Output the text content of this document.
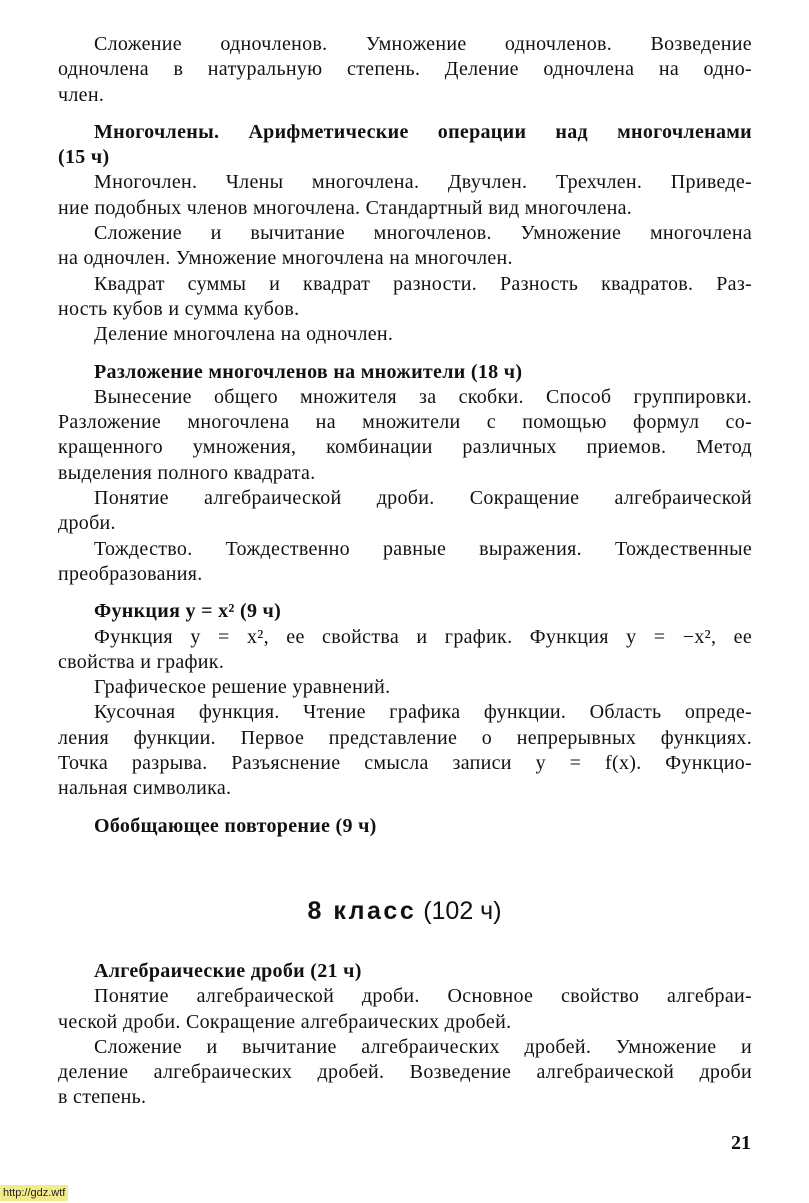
Сложение одночленов. Умножение одночленов. Возведение
одночлена в натуральную степень. Деление одночлена на одно-
член.
Многочлены. Арифметические операции над многочленами
(15 ч)
Многочлен. Члены многочлена. Двучлен. Трехчлен. Приведе-
ние подобных членов многочлена. Стандартный вид многочлена.
Сложение и вычитание многочленов. Умножение многочлена
на одночлен. Умножение многочлена на многочлен.
Квадрат суммы и квадрат разности. Разность квадратов. Раз-
ность кубов и сумма кубов.
Деление многочлена на одночлен.
Разложение многочленов на множители (18 ч)
Вынесение общего множителя за скобки. Способ группировки.
Разложение многочлена на множители с помощью формул со-
кращенного умножения, комбинации различных приемов. Метод
выделения полного квадрата.
Понятие алгебраической дроби. Сокращение алгебраической
дроби.
Тождество. Тождественно равные выражения. Тождественные
преобразования.
Функция y = x² (9 ч)
Функция y = x², ее свойства и график. Функция y = −x², ее
свойства и график.
Графическое решение уравнений.
Кусочная функция. Чтение графика функции. Область опреде-
ления функции. Первое представление о непрерывных функциях.
Точка разрыва. Разъяснение смысла записи y = f(x). Функцио-
нальная символика.
Обобщающее повторение (9 ч)
8 класс (102 ч)
Алгебраические дроби (21 ч)
Понятие алгебраической дроби. Основное свойство алгебраи-
ческой дроби. Сокращение алгебраических дробей.
Сложение и вычитание алгебраических дробей. Умножение и
деление алгебраических дробей. Возведение алгебраической дроби
в степень.
21
http://gdz.wtf
